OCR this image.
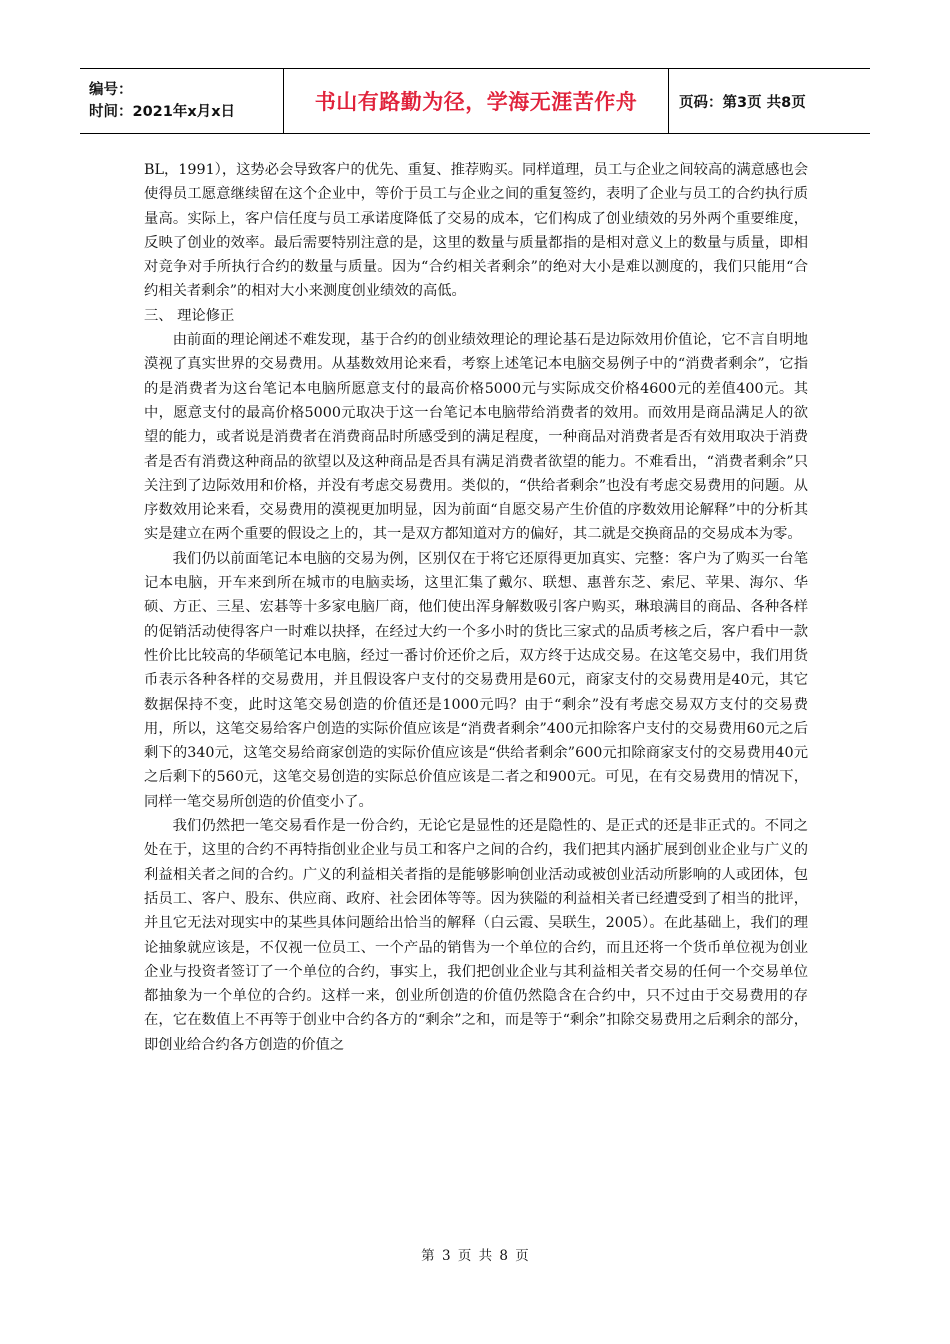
编号：
时间：2021年x月x日	书山有路勤为径，学海无涯苦作舟	页码：第3页 共8页

BL，1991），这势必会导致客户的优先、重复、推荐购买。同样道理，员工与企业之间较高的满意感也会使得员工愿意继续留在这个企业中，等价于员工与企业之间的重复签约，表明了企业与员工的合约执行质量高。实际上，客户信任度与员工承诺度降低了交易的成本，它们构成了创业绩效的另外两个重要维度，反映了创业的效率。最后需要特别注意的是，这里的数量与质量都指的是相对意义上的数量与质量，即相对竞争对手所执行合约的数量与质量。因为“合约相关者剩余”的绝对大小是难以测度的，我们只能用“合约相关者剩余”的相对大小来测度创业绩效的高低。

三、 理论修正

由前面的理论阐述不难发现，基于合约的创业绩效理论的理论基石是边际效用价值论，它不言自明地漠视了真实世界的交易费用。从基数效用论来看，考察上述笔记本电脑交易例子中的“消费者剩余”，它指的是消费者为这台笔记本电脑所愿意支付的最高价格5000元与实际成交价格4600元的差值400元。其中，愿意支付的最高价格5000元取决于这一台笔记本电脑带给消费者的效用。而效用是商品满足人的欲望的能力，或者说是消费者在消费商品时所感受到的满足程度，一种商品对消费者是否有效用取决于消费者是否有消费这种商品的欲望以及这种商品是否具有满足消费者欲望的能力。不难看出，“消费者剩余”只关注到了边际效用和价格，并没有考虑交易费用。类似的，“供给者剩余”也没有考虑交易费用的问题。从序数效用论来看，交易费用的漠视更加明显，因为前面“自愿交易产生价值的序数效用论解释”中的分析其实是建立在两个重要的假设之上的，其一是双方都知道对方的偏好，其二就是交换商品的交易成本为零。

我们仍以前面笔记本电脑的交易为例，区别仅在于将它还原得更加真实、完整：客户为了购买一台笔记本电脑，开车来到所在城市的电脑卖场，这里汇集了戴尔、联想、惠普东芝、索尼、苹果、海尔、华硕、方正、三星、宏碁等十多家电脑厂商，他们使出浑身解数吸引客户购买，琳琅满目的商品、各种各样的促销活动使得客户一时难以抉择，在经过大约一个多小时的货比三家式的品质考核之后，客户看中一款性价比比较高的华硕笔记本电脑，经过一番讨价还价之后，双方终于达成交易。在这笔交易中，我们用货币表示各种各样的交易费用，并且假设客户支付的交易费用是60元，商家支付的交易费用是40元，其它数据保持不变，此时这笔交易创造的价值还是1000元吗？由于“剩余”没有考虑交易双方支付的交易费用，所以，这笔交易给客户创造的实际价值应该是“消费者剩余”400元扣除客户支付的交易费用60元之后剩下的340元，这笔交易给商家创造的实际价值应该是“供给者剩余”600元扣除商家支付的交易费用40元之后剩下的560元，这笔交易创造的实际总价值应该是二者之和900元。可见，在有交易费用的情况下，同样一笔交易所创造的价值变小了。

我们仍然把一笔交易看作是一份合约，无论它是显性的还是隐性的、是正式的还是非正式的。不同之处在于，这里的合约不再特指创业企业与员工和客户之间的合约，我们把其内涵扩展到创业企业与广义的利益相关者之间的合约。广义的利益相关者指的是能够影响创业活动或被创业活动所影响的人或团体，包括员工、客户、股东、供应商、政府、社会团体等等。因为狭隘的利益相关者已经遭受到了相当的批评，并且它无法对现实中的某些具体问题给出恰当的解释（白云霞、吴联生，2005）。在此基础上，我们的理论抽象就应该是，不仅视一位员工、一个产品的销售为一个单位的合约，而且还将一个货币单位视为创业企业与投资者签订了一个单位的合约，事实上，我们把创业企业与其利益相关者交易的任何一个交易单位都抽象为一个单位的合约。这样一来，创业所创造的价值仍然隐含在合约中，只不过由于交易费用的存在，它在数值上不再等于创业中合约各方的“剩余”之和，而是等于“剩余”扣除交易费用之后剩余的部分，即创业给合约各方创造的价值之

第 3 页 共 8 页
